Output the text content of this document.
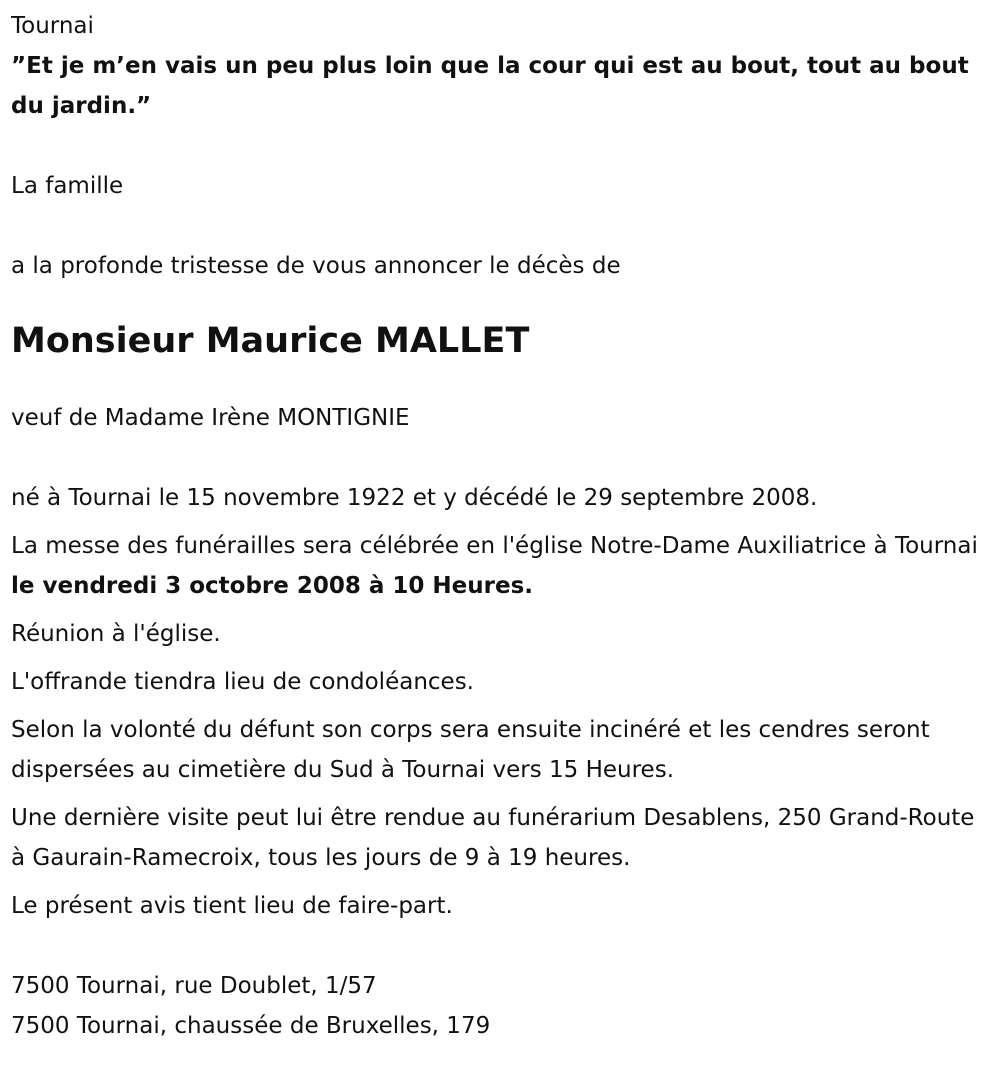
Tournai

”Et je m’en vais un peu plus loin que la cour qui est au bout, tout au bout du jardin.”

La famille

a la profonde tristesse de vous annoncer le décès de

Monsieur Maurice MALLET

veuf de Madame Irène MONTIGNIE

né à Tournai le 15 novembre 1922 et y décédé le 29 septembre 2008.

La messe des funérailles sera célébrée en l'église Notre-Dame Auxiliatrice à Tournai le vendredi 3 octobre 2008 à 10 Heures.

Réunion à l'église.

L'offrande tiendra lieu de condoléances.

Selon la volonté du défunt son corps sera ensuite incinéré et les cendres seront dispersées au cimetière du Sud à Tournai vers 15 Heures.

Une dernière visite peut lui être rendue au funérarium Desablens, 250 Grand-Route à Gaurain-Ramecroix, tous les jours de 9 à 19 heures.

Le présent avis tient lieu de faire-part.

7500 Tournai, rue Doublet, 1/57

7500 Tournai, chaussée de Bruxelles, 179
